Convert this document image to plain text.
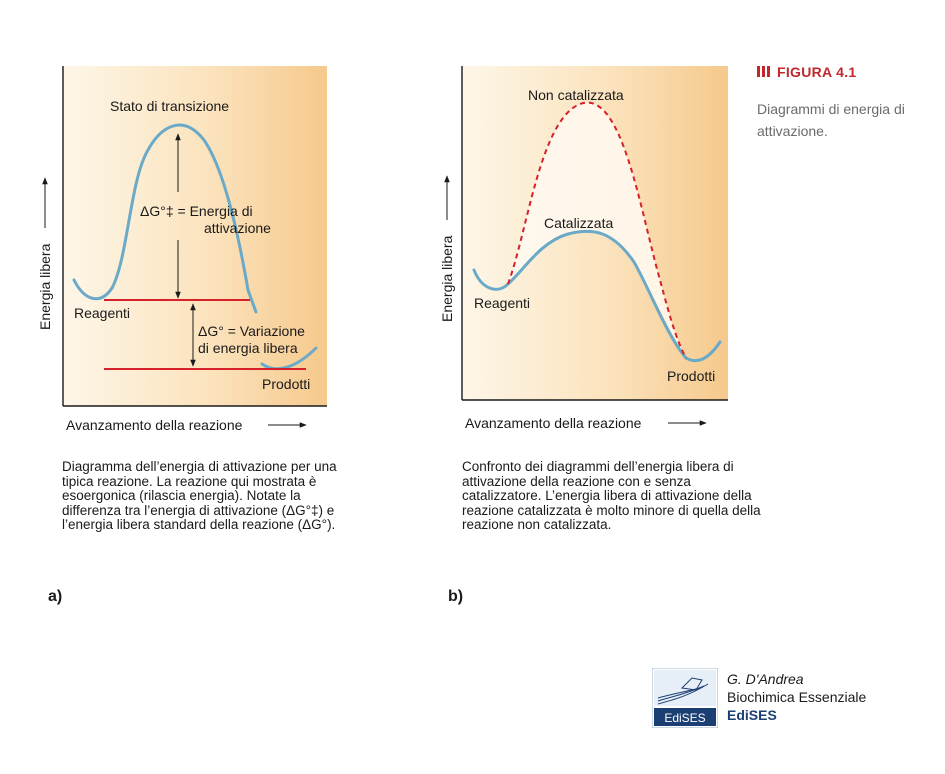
Energia libera
Avanzamento della reazione
Stato di transizione
ΔG°‡ = Energia di
attivazione
ΔG° = Variazione
di energia libera
Reagenti
Prodotti
Energia libera
Avanzamento della reazione
Non catalizzata
Catalizzata
Reagenti
Prodotti
FIGURA 4.1
Diagrammi di energia di attivazione.
Diagramma dell’energia di attivazione per una tipica reazione. La reazione qui mostrata è esoergonica (rilascia energia). Notate la differenza tra l’energia di attivazione (ΔG°‡) e l’energia libera standard della reazione (ΔG°).
Confronto dei diagrammi dell’energia libera di attivazione della reazione con e senza catalizzatore. L’energia libera di attivazione della reazione catalizzata è molto minore di quella della reazione non catalizzata.
a)	b)
EdiSES
G. D'Andrea
Biochimica Essenziale
EdiSES
